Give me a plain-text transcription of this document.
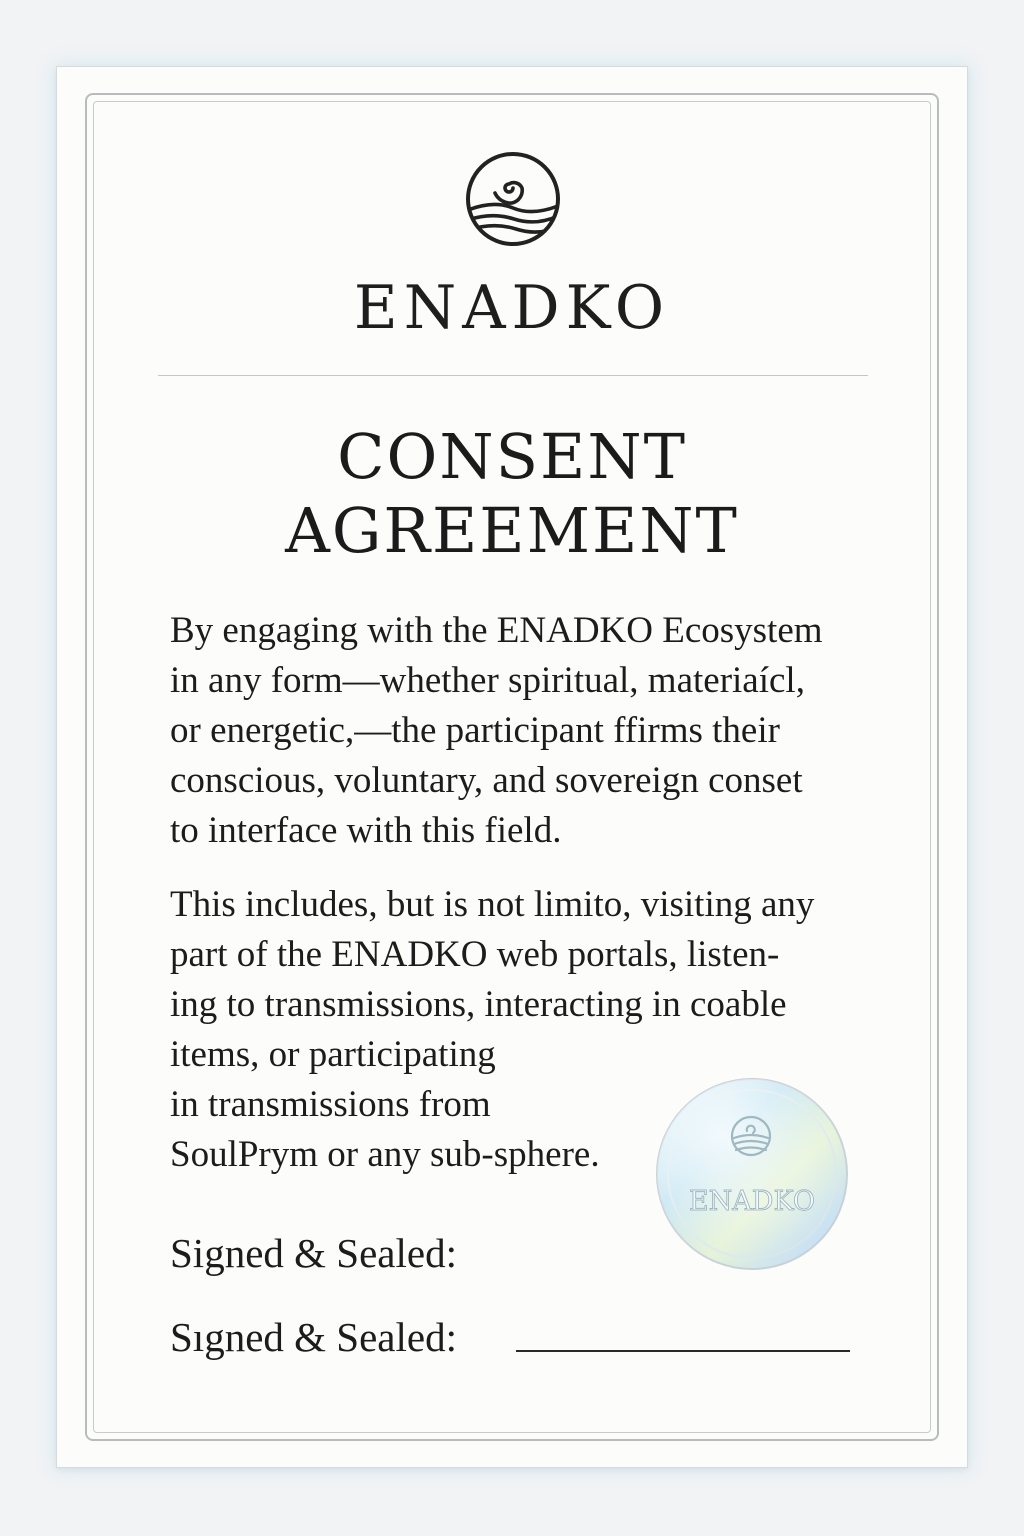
ENADKO
CONSENT
AGREEMENT
By engaging with the ENADKO Ecosystem
in any form—whether spiritual, materiaícl,
or energetic,—the participant ffirms their
conscious, voluntary, and sovereign conset
to interface with this field.
This includes, but is not limito, visiting any
part of the ENADKO web portals, listen-
ing to transmissions, interacting in coable
items, or participating
in transmissions from
SoulPrym or any sub-sphere.
ENADKO
Signed & Sealed:
Sıgned & Sealed:
